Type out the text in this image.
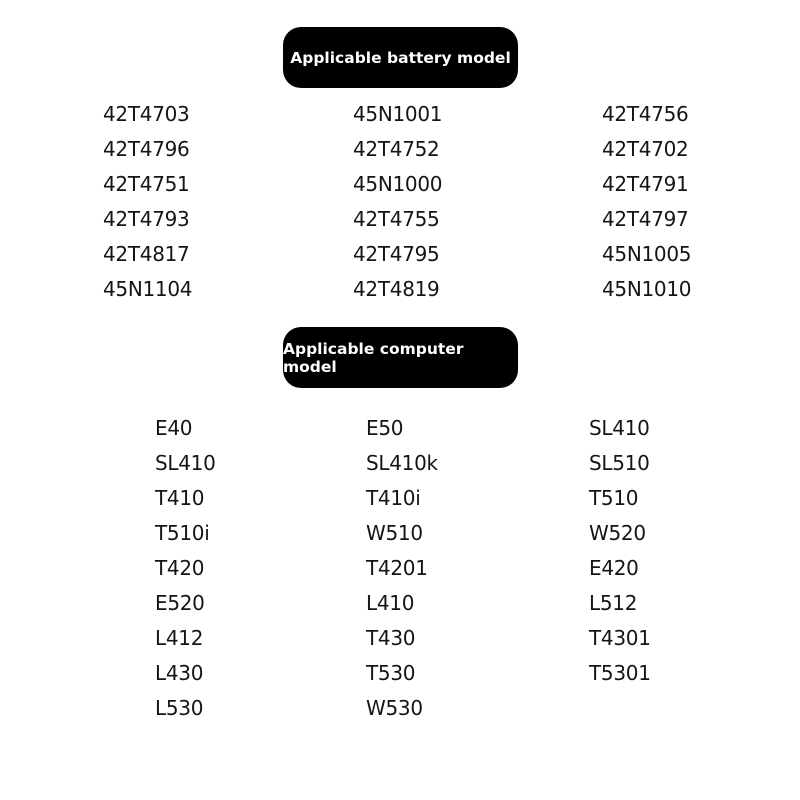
Applicable battery model
42T4703
42T4796
42T4751
42T4793
42T4817
45N1104
45N1001
42T4752
45N1000
42T4755
42T4795
42T4819
42T4756
42T4702
42T4791
42T4797
45N1005
45N1010
Applicable computer model
E40
SL410
T410
T510i
T420
E520
L412
L430
L530
E50
SL410k
T410i
W510
T4201
L410
T430
T530
W530
SL410
SL510
T510
W520
E420
L512
T4301
T5301
